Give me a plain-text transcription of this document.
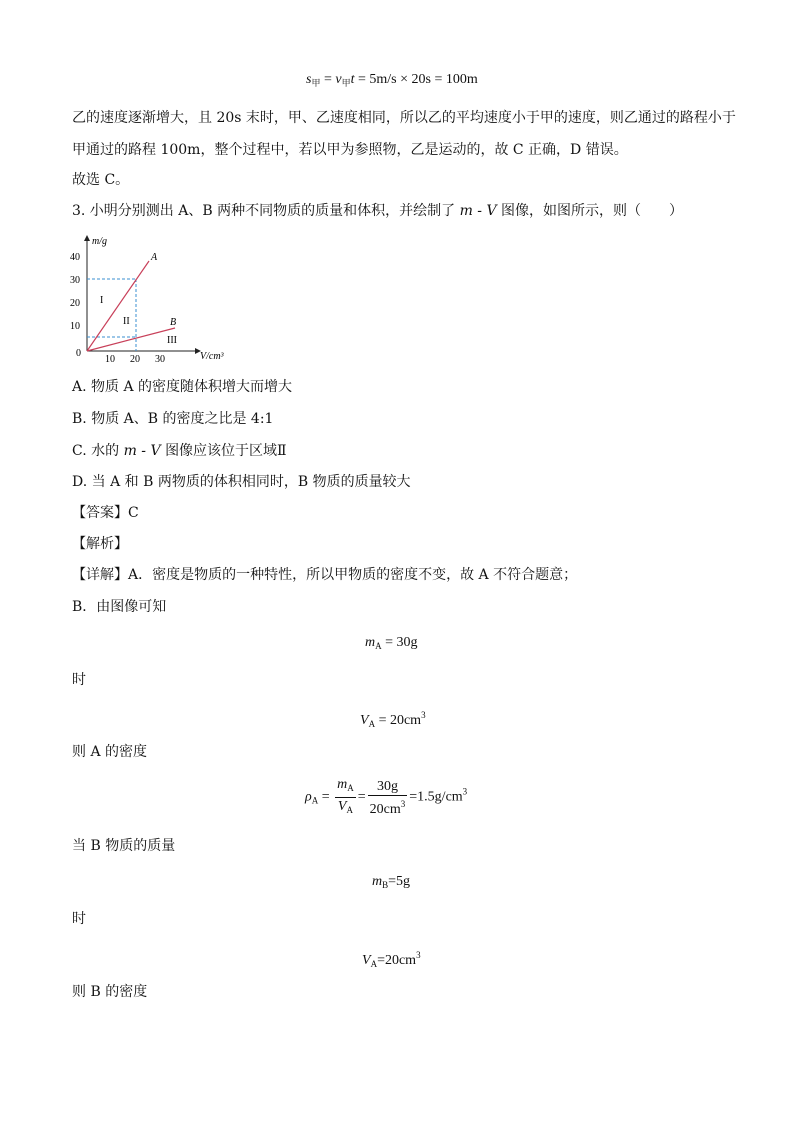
$s_甲 = v_甲t = 5m/s \times 20s = 100m$
乙的速度逐渐增大，且 20s 末时，甲、乙速度相同，所以乙的平均速度小于甲的速度，则乙通过的路程小于
甲通过的路程 100m，整个过程中，若以甲为参照物，乙是运动的，故 C 正确，D 错误。
故选 C。
3. 小明分别测出 A、B 两种不同物质的质量和体积，并绘制了 m - V 图像，如图所示，则（　　）
m/g
V/cm³
40
30
20
10
0
10 20 30
A
B
I
II
III
A. 物质 A 的密度随体积增大而增大
B. 物质 A、B 的密度之比是 4:1
C. 水的 m - V 图像应该位于区域Ⅱ
D. 当 A 和 B 两物质的体积相同时，B 物质的质量较大
【答案】C
【解析】
【详解】A．密度是物质的一种特性，所以甲物质的密度不变，故 A 不符合题意；
B．由图像可知
$m_A = 30g$
时
$V_A = 20cm^3$
则 A 的密度
$\rho_A = \frac{m_A}{V_A} = \frac{30g}{20cm^3} =1.5g/cm^3$
当 B 物质的质量
$m_B=5g$
时
$V_A=20cm^3$
则 B 的密度
